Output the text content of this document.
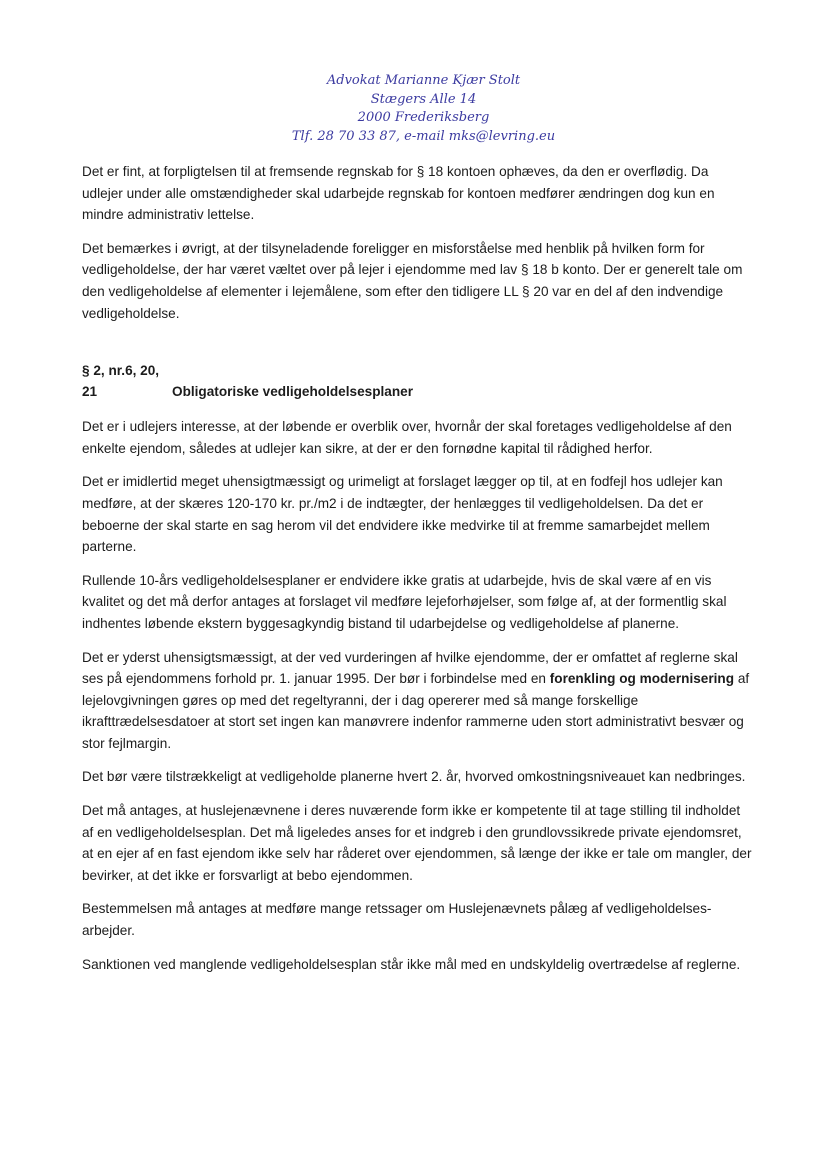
Advokat Marianne Kjær Stolt
Stægers Alle 14
2000 Frederiksberg
Tlf. 28 70 33 87, e-mail mks@levring.eu

Det er fint, at forpligtelsen til at fremsende regnskab for § 18 kontoen ophæves, da den er overflødig. Da udlejer under alle omstændigheder skal udarbejde regnskab for kontoen medfører ændringen dog kun en mindre administrativ lettelse.

Det bemærkes i øvrigt, at der tilsyneladende foreligger en misforståelse med henblik på hvilken form for vedligeholdelse, der har været væltet over på lejer i ejendomme med lav § 18 b konto. Der er generelt tale om den vedligeholdelse af elementer i lejemålene, som efter den tidligere LL § 20 var en del af den indvendige vedligeholdelse.

§ 2, nr.6, 20,
21	Obligatoriske vedligeholdelsesplaner

Det er i udlejers interesse, at der løbende er overblik over, hvornår der skal foretages vedligeholdelse af den enkelte ejendom, således at udlejer kan sikre, at der er den fornødne kapital til rådighed herfor.

Det er imidlertid meget uhensigtmæssigt og urimeligt at forslaget lægger op til, at en fodfejl hos udlejer kan medføre, at der skæres 120-170 kr. pr./m2 i de indtægter, der henlægges til vedligeholdelsen. Da det er beboerne der skal starte en sag herom vil det endvidere ikke medvirke til at fremme samarbejdet mellem parterne.

Rullende 10-års vedligeholdelsesplaner er endvidere ikke gratis at udarbejde, hvis de skal være af en vis kvalitet og det må derfor antages at forslaget vil medføre lejeforhøjelser, som følge af, at der formentlig skal indhentes løbende ekstern byggesagkyndig bistand til udarbejdelse og vedligeholdelse af planerne.

Det er yderst uhensigtsmæssigt, at der ved vurderingen af hvilke ejendomme, der er omfattet af reglerne skal ses på ejendommens forhold pr. 1. januar 1995. Der bør i forbindelse med en forenkling og modernisering af lejelovgivningen gøres op med det regeltyranni, der i dag opererer med så mange forskellige ikrafttrædelsesdatoer at stort set ingen kan manøvrere indenfor rammerne uden stort administrativt besvær og stor fejlmargin.

Det bør være tilstrækkeligt at vedligeholde planerne hvert 2. år, hvorved omkostningsniveauet kan nedbringes.

Det må antages, at huslejenævnene i deres nuværende form ikke er kompetente til at tage stilling til indholdet af en vedligeholdelsesplan. Det må ligeledes anses for et indgreb i den grundlovssikrede private ejendomsret, at en ejer af en fast ejendom ikke selv har råderet over ejendommen, så længe der ikke er tale om mangler, der bevirker, at det ikke er forsvarligt at bebo ejendommen.

Bestemmelsen må antages at medføre mange retssager om Huslejenævnets pålæg af vedligeholdelses-arbejder.

Sanktionen ved manglende vedligeholdelsesplan står ikke mål med en undskyldelig overtrædelse af reglerne.
